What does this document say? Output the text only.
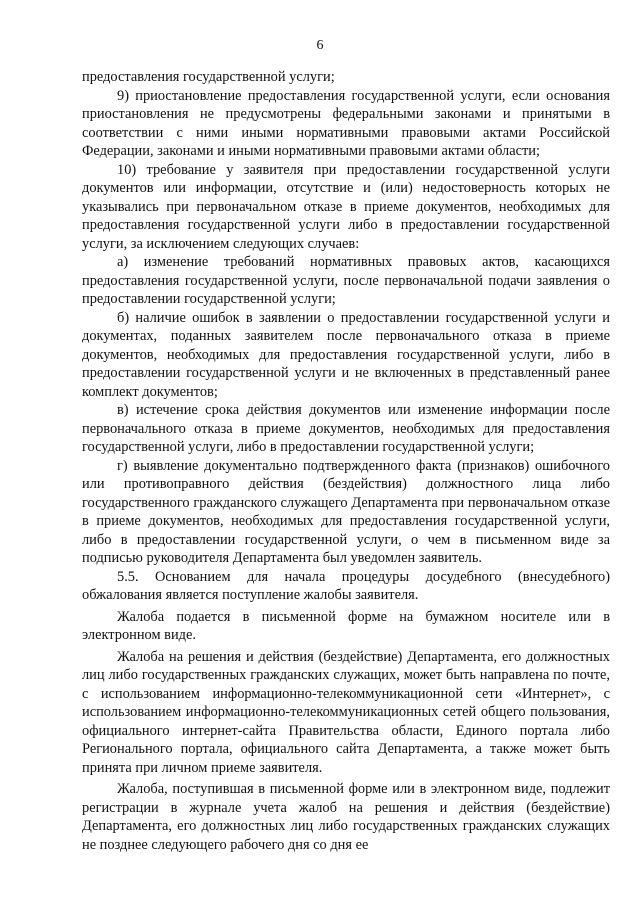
6

предоставления государственной услуги;

9) приостановление предоставления государственной услуги, если основания приостановления не предусмотрены федеральными законами и принятыми в соответствии с ними иными нормативными правовыми актами Российской Федерации, законами и иными нормативными правовыми актами области;

10) требование у заявителя при предоставлении государственной услуги документов или информации, отсутствие и (или) недостоверность которых не указывались при первоначальном отказе в приеме документов, необходимых для предоставления государственной услуги либо в предоставлении государственной услуги, за исключением следующих случаев:

а) изменение требований нормативных правовых актов, касающихся предоставления государственной услуги, после первоначальной подачи заявления о предоставлении государственной услуги;

б) наличие ошибок в заявлении о предоставлении государственной услуги и документах, поданных заявителем после первоначального отказа в приеме документов, необходимых для предоставления государственной услуги, либо в предоставлении государственной услуги и не включенных в представленный ранее комплект документов;

в) истечение срока действия документов или изменение информации после первоначального отказа в приеме документов, необходимых для предоставления государственной услуги, либо в предоставлении государственной услуги;

г) выявление документально подтвержденного факта (признаков) ошибочного или противоправного действия (бездействия) должностного лица либо государственного гражданского служащего Департамента при первоначальном отказе в приеме документов, необходимых для предоставления государственной услуги, либо в предоставлении государственной услуги, о чем в письменном виде за подписью руководителя Департамента был уведомлен заявитель.

5.5. Основанием для начала процедуры досудебного (внесудебного) обжалования является поступление жалобы заявителя.

Жалоба подается в письменной форме на бумажном носителе или в электронном виде.

Жалоба на решения и действия (бездействие) Департамента, его должностных лиц либо государственных гражданских служащих, может быть направлена по почте, с использованием информационно-телекоммуникационной сети «Интернет», с использованием информационно-телекоммуникационных сетей общего пользования, официального интернет-сайта Правительства области, Единого портала либо Регионального портала, официального сайта Департамента, а также может быть принята при личном приеме заявителя.

Жалоба, поступившая в письменной форме или в электронном виде, подлежит регистрации в журнале учета жалоб на решения и действия (бездействие) Департамента, его должностных лиц либо государственных гражданских служащих не позднее следующего рабочего дня со дня ее
